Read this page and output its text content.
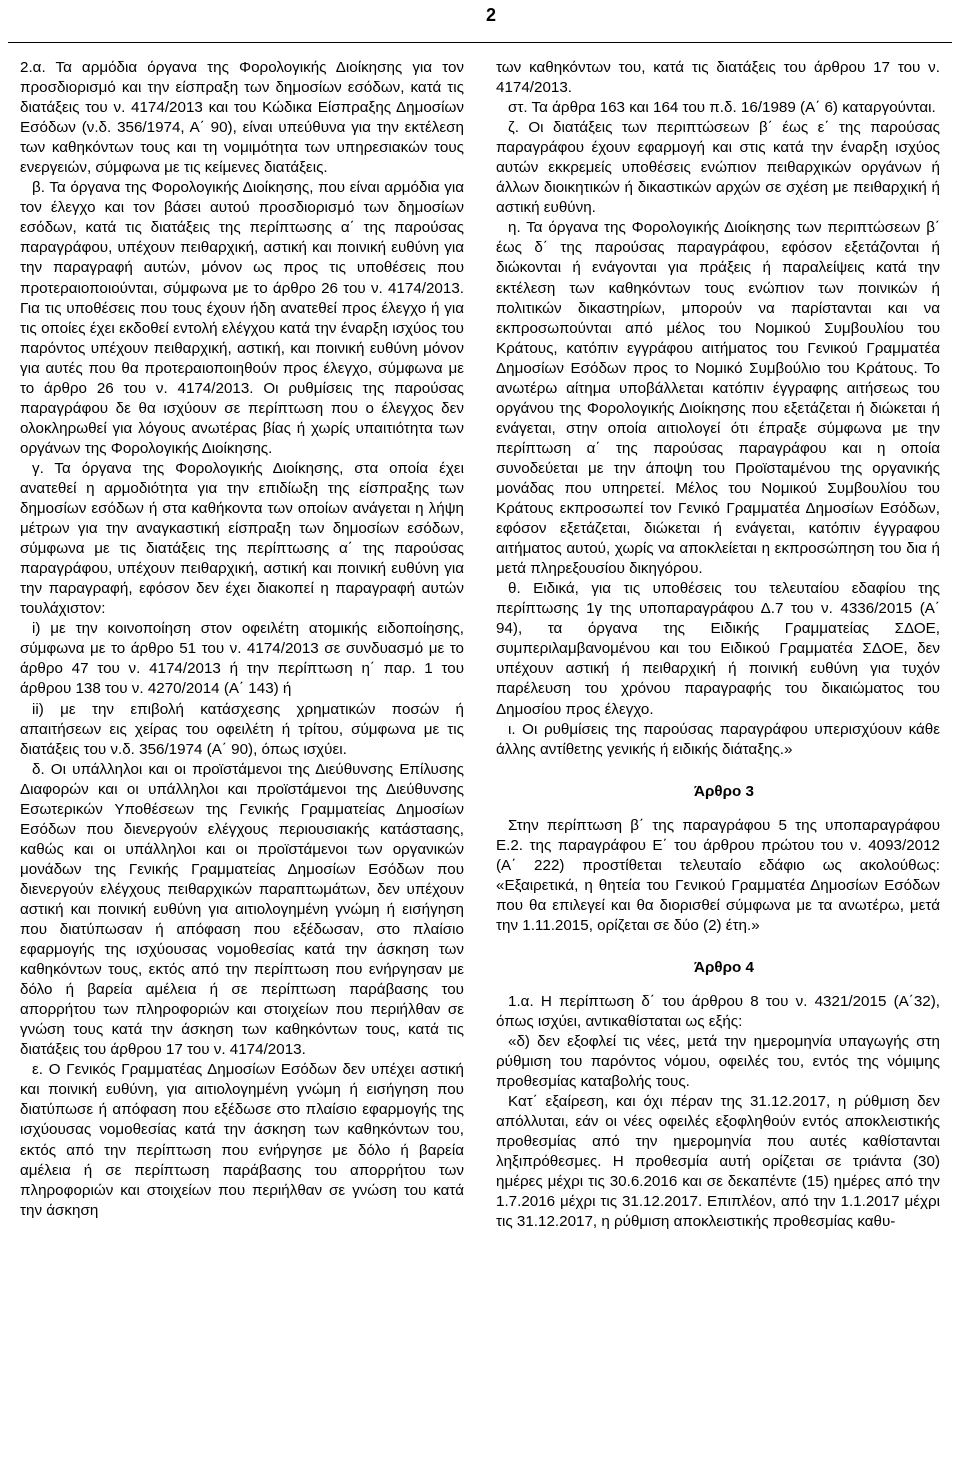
2

2.α. Τα αρμόδια όργανα της Φορολογικής Διοίκησης για τον προσδιορισμό και την είσπραξη των δημοσίων εσόδων, κατά τις διατάξεις του ν. 4174/2013 και του Κώδικα Είσπραξης Δημοσίων Εσόδων (ν.δ. 356/1974, Α΄ 90), είναι υπεύθυνα για την εκτέλεση των καθηκόντων τους και τη νομιμότητα των υπηρεσιακών τους ενεργειών, σύμφωνα με τις κείμενες διατάξεις.

β. Τα όργανα της Φορολογικής Διοίκησης, που είναι αρμόδια για τον έλεγχο και τον βάσει αυτού προσδιορισμό των δημοσίων εσόδων, κατά τις διατάξεις της περίπτωσης α΄ της παρούσας παραγράφου, υπέχουν πειθαρχική, αστική και ποινική ευθύνη για την παραγραφή αυτών, μόνον ως προς τις υποθέσεις που προτεραιοποιούνται, σύμφωνα με το άρθρο 26 του ν. 4174/2013. Για τις υποθέσεις που τους έχουν ήδη ανατεθεί προς έλεγχο ή για τις οποίες έχει εκδοθεί εντολή ελέγχου κατά την έναρξη ισχύος του παρόντος υπέχουν πειθαρχική, αστική, και ποινική ευθύνη μόνον για αυτές που θα προτεραιοποιηθούν προς έλεγχο, σύμφωνα με το άρθρο 26 του ν. 4174/2013. Οι ρυθμίσεις της παρούσας παραγράφου δε θα ισχύουν σε περίπτωση που ο έλεγχος δεν ολοκληρωθεί για λόγους ανωτέρας βίας ή χωρίς υπαιτιότητα των οργάνων της Φορολογικής Διοίκησης.

γ. Τα όργανα της Φορολογικής Διοίκησης, στα οποία έχει ανατεθεί η αρμοδιότητα για την επιδίωξη της είσπραξης των δημοσίων εσόδων ή στα καθήκοντα των οποίων ανάγεται η λήψη μέτρων για την αναγκαστική είσπραξη των δημοσίων εσόδων, σύμφωνα με τις διατάξεις της περίπτωσης α΄ της παρούσας παραγράφου, υπέχουν πειθαρχική, αστική και ποινική ευθύνη για την παραγραφή, εφόσον δεν έχει διακοπεί η παραγραφή αυτών τουλάχιστον:

i) με την κοινοποίηση στον οφειλέτη ατομικής ειδοποίησης, σύμφωνα με το άρθρο 51 του ν. 4174/2013 σε συνδυασμό με το άρθρο 47 του ν. 4174/2013 ή την περίπτωση η΄ παρ. 1 του άρθρου 138 του ν. 4270/2014 (Α΄ 143) ή

ii) με την επιβολή κατάσχεσης χρηματικών ποσών ή απαιτήσεων εις χείρας του οφειλέτη ή τρίτου, σύμφωνα με τις διατάξεις του ν.δ. 356/1974 (Α΄ 90), όπως ισχύει.

δ. Οι υπάλληλοι και οι προϊστάμενοι της Διεύθυνσης Επίλυσης Διαφορών και οι υπάλληλοι και προϊστάμενοι της Διεύθυνσης Εσωτερικών Υποθέσεων της Γενικής Γραμματείας Δημοσίων Εσόδων που διενεργούν ελέγχους περιουσιακής κατάστασης, καθώς και οι υπάλληλοι και οι προϊστάμενοι των οργανικών μονάδων της Γενικής Γραμματείας Δημοσίων Εσόδων που διενεργούν ελέγχους πειθαρχικών παραπτωμάτων, δεν υπέχουν αστική και ποινική ευθύνη για αιτιολογημένη γνώμη ή εισήγηση που διατύπωσαν ή απόφαση που εξέδωσαν, στο πλαίσιο εφαρμογής της ισχύουσας νομοθεσίας κατά την άσκηση των καθηκόντων τους, εκτός από την περίπτωση που ενήργησαν με δόλο ή βαρεία αμέλεια ή σε περίπτωση παράβασης του απορρήτου των πληροφοριών και στοιχείων που περιήλθαν σε γνώση τους κατά την άσκηση των καθηκόντων τους, κατά τις διατάξεις του άρθρου 17 του ν. 4174/2013.

ε. Ο Γενικός Γραμματέας Δημοσίων Εσόδων δεν υπέχει αστική και ποινική ευθύνη, για αιτιολογημένη γνώμη ή εισήγηση που διατύπωσε ή απόφαση που εξέδωσε στο πλαίσιο εφαρμογής της ισχύουσας νομοθεσίας κατά την άσκηση των καθηκόντων του, εκτός από την περίπτωση που ενήργησε με δόλο ή βαρεία αμέλεια ή σε περίπτωση παράβασης του απορρήτου των πληροφοριών και στοιχείων που περιήλθαν σε γνώση του κατά την άσκηση

των καθηκόντων του, κατά τις διατάξεις του άρθρου 17 του ν. 4174/2013.

στ. Τα άρθρα 163 και 164 του π.δ. 16/1989 (Α΄ 6) καταργούνται.

ζ. Οι διατάξεις των περιπτώσεων β΄ έως ε΄ της παρούσας παραγράφου έχουν εφαρμογή και στις κατά την έναρξη ισχύος αυτών εκκρεμείς υποθέσεις ενώπιον πειθαρχικών οργάνων ή άλλων διοικητικών ή δικαστικών αρχών σε σχέση με πειθαρχική ή αστική ευθύνη.

η. Τα όργανα της Φορολογικής Διοίκησης των περιπτώσεων β΄ έως δ΄ της παρούσας παραγράφου, εφόσον εξετάζονται ή διώκονται ή ενάγονται για πράξεις ή παραλείψεις κατά την εκτέλεση των καθηκόντων τους ενώπιον των ποινικών ή πολιτικών δικαστηρίων, μπορούν να παρίστανται και να εκπροσωπούνται από μέλος του Νομικού Συμβουλίου του Κράτους, κατόπιν εγγράφου αιτήματος του Γενικού Γραμματέα Δημοσίων Εσόδων προς το Νομικό Συμβούλιο του Κράτους. Το ανωτέρω αίτημα υποβάλλεται κατόπιν έγγραφης αιτήσεως του οργάνου της Φορολογικής Διοίκησης που εξετάζεται ή διώκεται ή ενάγεται, στην οποία αιτιολογεί ότι έπραξε σύμφωνα με την περίπτωση α΄ της παρούσας παραγράφου και η οποία συνοδεύεται με την άποψη του Προϊσταμένου της οργανικής μονάδας που υπηρετεί. Μέλος του Νομικού Συμβουλίου του Κράτους εκπροσωπεί τον Γενικό Γραμματέα Δημοσίων Εσόδων, εφόσον εξετάζεται, διώκεται ή ενάγεται, κατόπιν έγγραφου αιτήματος αυτού, χωρίς να αποκλείεται η εκπροσώπηση του δια ή μετά πληρεξουσίου δικηγόρου.

θ. Ειδικά, για τις υποθέσεις του τελευταίου εδαφίου της περίπτωσης 1γ της υποπαραγράφου Δ.7 του ν. 4336/2015 (Α΄ 94), τα όργανα της Ειδικής Γραμματείας ΣΔΟΕ, συμπεριλαμβανομένου και του Ειδικού Γραμματέα ΣΔΟΕ, δεν υπέχουν αστική ή πειθαρχική ή ποινική ευθύνη για τυχόν παρέλευση του χρόνου παραγραφής του δικαιώματος του Δημοσίου προς έλεγχο.

ι. Οι ρυθμίσεις της παρούσας παραγράφου υπερισχύουν κάθε άλλης αντίθετης γενικής ή ειδικής διάταξης.»

Άρθρο 3

Στην περίπτωση β΄ της παραγράφου 5 της υποπαραγράφου Ε.2. της παραγράφου Ε΄ του άρθρου πρώτου του ν. 4093/2012 (Α΄ 222) προστίθεται τελευταίο εδάφιο ως ακολούθως: «Εξαιρετικά, η θητεία του Γενικού Γραμματέα Δημοσίων Εσόδων που θα επιλεγεί και θα διορισθεί σύμφωνα με τα ανωτέρω, μετά την 1.11.2015, ορίζεται σε δύο (2) έτη.»

Άρθρο 4

1.α. Η περίπτωση δ΄ του άρθρου 8 του ν. 4321/2015 (Α΄32), όπως ισχύει, αντικαθίσταται ως εξής:

«δ) δεν εξοφλεί τις νέες, μετά την ημερομηνία υπαγωγής στη ρύθμιση του παρόντος νόμου, οφειλές του, εντός της νόμιμης προθεσμίας καταβολής τους.

Κατ΄ εξαίρεση, και όχι πέραν της 31.12.2017, η ρύθμιση δεν απόλλυται, εάν οι νέες οφειλές εξοφληθούν εντός αποκλειστικής προθεσμίας από την ημερομηνία που αυτές καθίστανται ληξιπρόθεσμες. Η προθεσμία αυτή ορίζεται σε τριάντα (30) ημέρες μέχρι τις 30.6.2016 και σε δεκαπέντε (15) ημέρες από την 1.7.2016 μέχρι τις 31.12.2017. Επιπλέον, από την 1.1.2017 μέχρι τις 31.12.2017, η ρύθμιση αποκλειστικής προθεσμίας καθυ-
